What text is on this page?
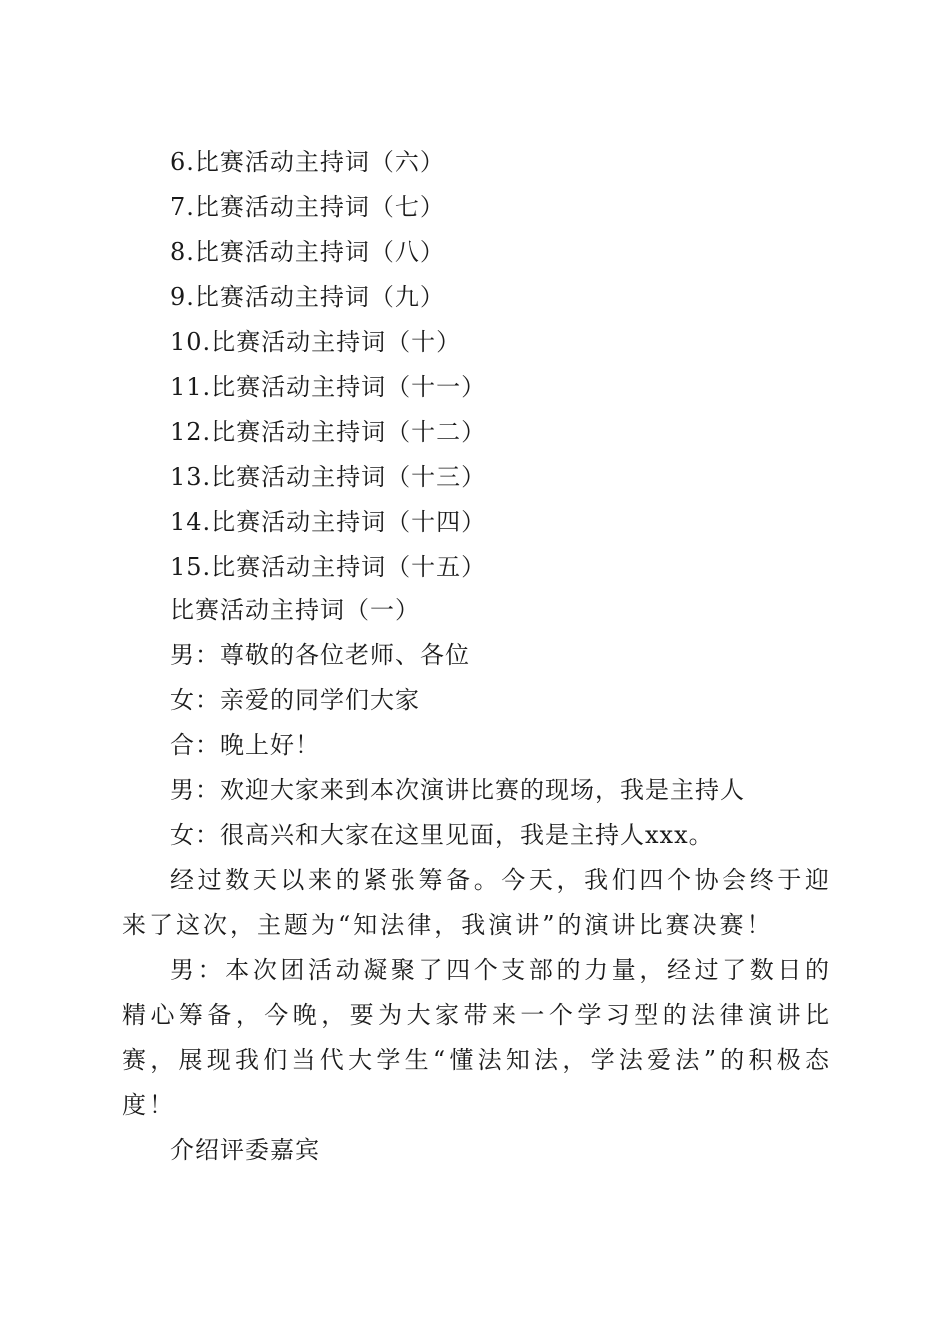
6.比赛活动主持词（六）
7.比赛活动主持词（七）
8.比赛活动主持词（八）
9.比赛活动主持词（九）
10.比赛活动主持词（十）
11.比赛活动主持词（十一）
12.比赛活动主持词（十二）
13.比赛活动主持词（十三）
14.比赛活动主持词（十四）
15.比赛活动主持词（十五）
比赛活动主持词（一）
男：尊敬的各位老师、各位
女：亲爱的同学们大家
合：晚上好！
男：欢迎大家来到本次演讲比赛的现场，我是主持人
女：很高兴和大家在这里见面，我是主持人xxx。

经过数天以来的紧张筹备。今天，我们四个协会终于迎来了这次，主题为“知法律，我演讲”的演讲比赛决赛！

男：本次团活动凝聚了四个支部的力量，经过了数日的精心筹备，今晚，要为大家带来一个学习型的法律演讲比赛，展现我们当代大学生“懂法知法，学法爱法”的积极态度！

介绍评委嘉宾
